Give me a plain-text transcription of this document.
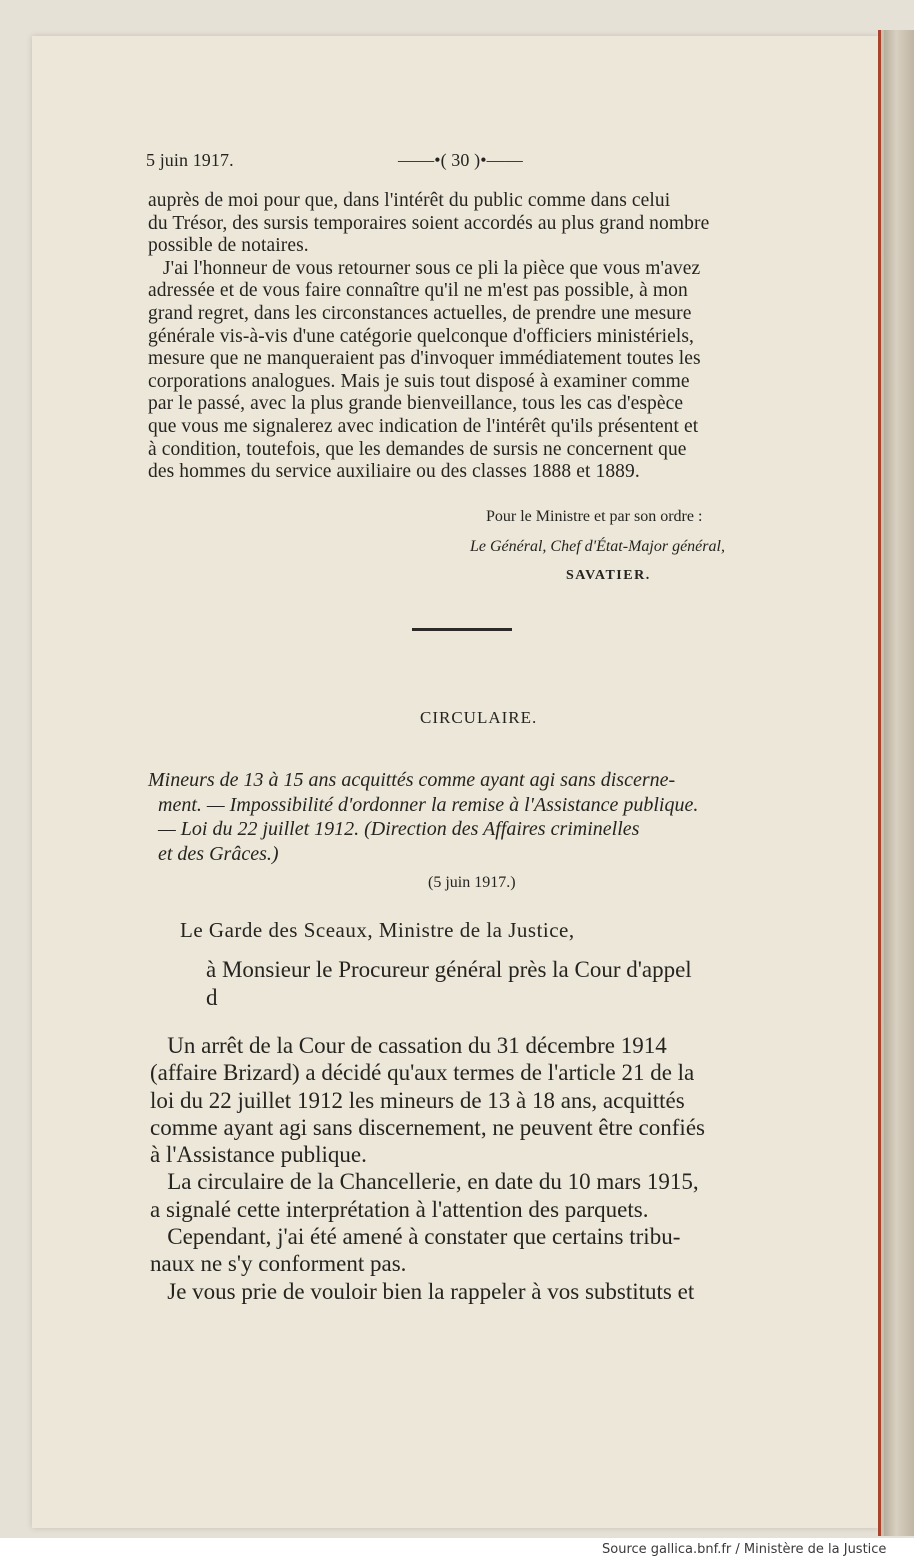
5 juin 1917.	——•( 30 )•——
auprès de moi pour que, dans l'intérêt du public comme dans celui
du Trésor, des sursis temporaires soient accordés au plus grand nombre
possible de notaires.
J'ai l'honneur de vous retourner sous ce pli la pièce que vous m'avez
adressée et de vous faire connaître qu'il ne m'est pas possible, à mon
grand regret, dans les circonstances actuelles, de prendre une mesure
générale vis-à-vis d'une catégorie quelconque d'officiers ministériels,
mesure que ne manqueraient pas d'invoquer immédiatement toutes les
corporations analogues. Mais je suis tout disposé à examiner comme
par le passé, avec la plus grande bienveillance, tous les cas d'espèce
que vous me signalerez avec indication de l'intérêt qu'ils présentent et
à condition, toutefois, que les demandes de sursis ne concernent que
des hommes du service auxiliaire ou des classes 1888 et 1889.
Pour le Ministre et par son ordre :
Le Général, Chef d'État-Major général,
SAVATIER.
CIRCULAIRE.
Mineurs de 13 à 15 ans acquittés comme ayant agi sans discerne-
ment. — Impossibilité d'ordonner la remise à l'Assistance publique.
— Loi du 22 juillet 1912. (Direction des Affaires criminelles
et des Grâces.)
(5 juin 1917.)
Le Garde des Sceaux, Ministre de la Justice,
à Monsieur le Procureur général près la Cour d'appel
d
Un arrêt de la Cour de cassation du 31 décembre 1914
(affaire Brizard) a décidé qu'aux termes de l'article 21 de la
loi du 22 juillet 1912 les mineurs de 13 à 18 ans, acquittés
comme ayant agi sans discernement, ne peuvent être confiés
à l'Assistance publique.
La circulaire de la Chancellerie, en date du 10 mars 1915,
a signalé cette interprétation à l'attention des parquets.
Cependant, j'ai été amené à constater que certains tribu-
naux ne s'y conforment pas.
Je vous prie de vouloir bien la rappeler à vos substituts et
Source gallica.bnf.fr / Ministère de la Justice
